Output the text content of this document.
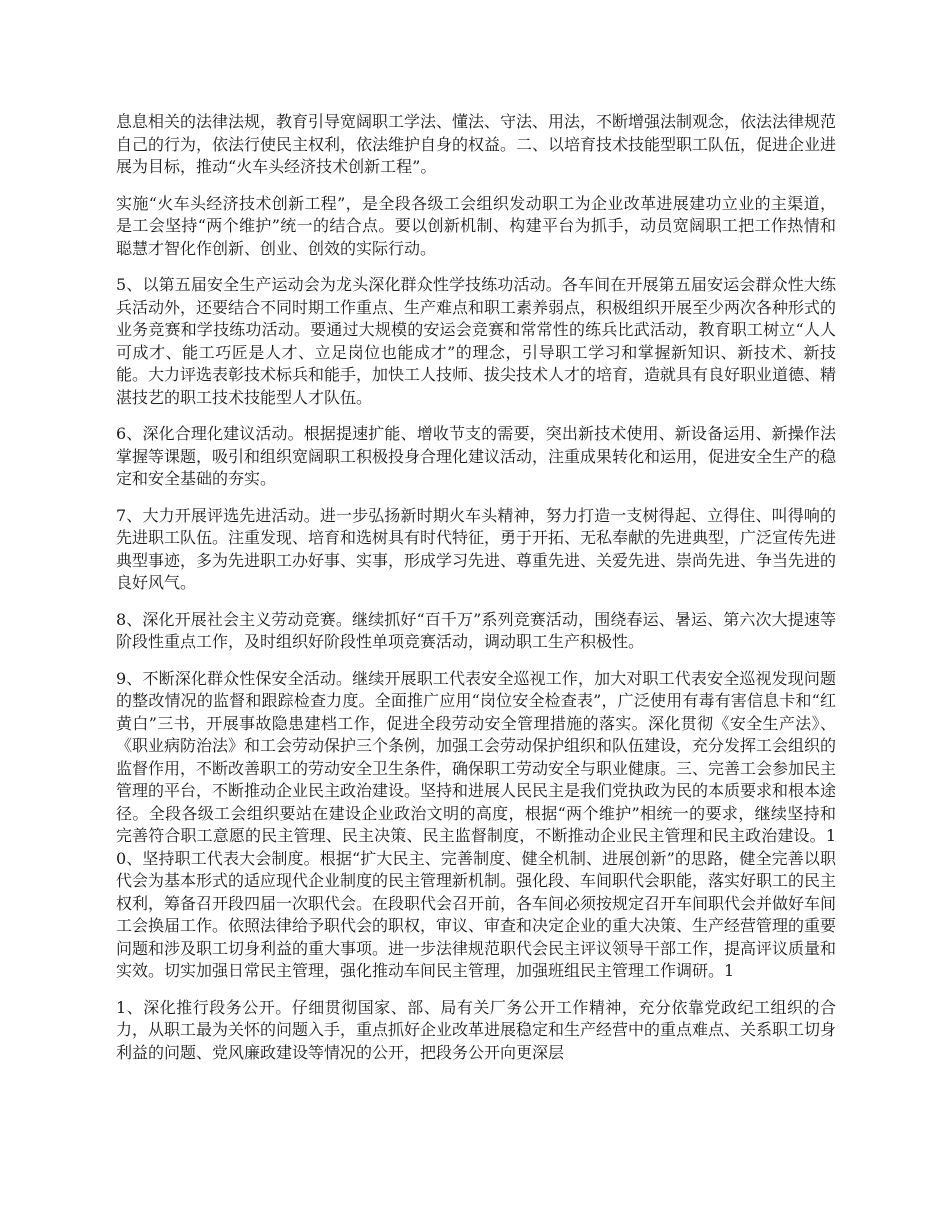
息息相关的法律法规，教育引导宽阔职工学法、懂法、守法、用法，不断增强法制观念，依法法律规范自己的行为，依法行使民主权利，依法维护自身的权益。二、以培育技术技能型职工队伍，促进企业进展为目标，推动“火车头经济技术创新工程”。

实施“火车头经济技术创新工程”，是全段各级工会组织发动职工为企业改革进展建功立业的主渠道，是工会坚持“两个维护”统一的结合点。要以创新机制、构建平台为抓手，动员宽阔职工把工作热情和聪慧才智化作创新、创业、创效的实际行动。

5、以第五届安全生产运动会为龙头深化群众性学技练功活动。各车间在开展第五届安运会群众性大练兵活动外，还要结合不同时期工作重点、生产难点和职工素养弱点，积极组织开展至少两次各种形式的业务竞赛和学技练功活动。要通过大规模的安运会竞赛和常常性的练兵比武活动，教育职工树立“人人可成才、能工巧匠是人才、立足岗位也能成才”的理念，引导职工学习和掌握新知识、新技术、新技能。大力评选表彰技术标兵和能手，加快工人技师、拔尖技术人才的培育，造就具有良好职业道德、精湛技艺的职工技术技能型人才队伍。

6、深化合理化建议活动。根据提速扩能、增收节支的需要，突出新技术使用、新设备运用、新操作法掌握等课题，吸引和组织宽阔职工积极投身合理化建议活动，注重成果转化和运用，促进安全生产的稳定和安全基础的夯实。

7、大力开展评选先进活动。进一步弘扬新时期火车头精神，努力打造一支树得起、立得住、叫得响的先进职工队伍。注重发现、培育和选树具有时代特征，勇于开拓、无私奉献的先进典型，广泛宣传先进典型事迹，多为先进职工办好事、实事，形成学习先进、尊重先进、关爱先进、崇尚先进、争当先进的良好风气。

8、深化开展社会主义劳动竞赛。继续抓好“百千万”系列竞赛活动，围绕春运、暑运、第六次大提速等阶段性重点工作，及时组织好阶段性单项竞赛活动，调动职工生产积极性。

9、不断深化群众性保安全活动。继续开展职工代表安全巡视工作，加大对职工代表安全巡视发现问题的整改情况的监督和跟踪检查力度。全面推广应用“岗位安全检查表”，广泛使用有毒有害信息卡和“红黄白”三书，开展事故隐患建档工作，促进全段劳动安全管理措施的落实。深化贯彻《安全生产法》、《职业病防治法》和工会劳动保护三个条例，加强工会劳动保护组织和队伍建设，充分发挥工会组织的监督作用，不断改善职工的劳动安全卫生条件，确保职工劳动安全与职业健康。三、完善工会参加民主管理的平台，不断推动企业民主政治建设。坚持和进展人民民主是我们党执政为民的本质要求和根本途径。全段各级工会组织要站在建设企业政治文明的高度，根据“两个维护”相统一的要求，继续坚持和完善符合职工意愿的民主管理、民主决策、民主监督制度，不断推动企业民主管理和民主政治建设。10、坚持职工代表大会制度。根据“扩大民主、完善制度、健全机制、进展创新”的思路，健全完善以职代会为基本形式的适应现代企业制度的民主管理新机制。强化段、车间职代会职能，落实好职工的民主权利，筹备召开段四届一次职代会。在段职代会召开前，各车间必须按规定召开车间职代会并做好车间工会换届工作。依照法律给予职代会的职权，审议、审查和决定企业的重大决策、生产经营管理的重要问题和涉及职工切身利益的重大事项。进一步法律规范职代会民主评议领导干部工作，提高评议质量和实效。切实加强日常民主管理，强化推动车间民主管理，加强班组民主管理工作调研。1

1、深化推行段务公开。仔细贯彻国家、部、局有关厂务公开工作精神，充分依靠党政纪工组织的合力，从职工最为关怀的问题入手，重点抓好企业改革进展稳定和生产经营中的重点难点、关系职工切身利益的问题、党风廉政建设等情况的公开，把段务公开向更深层
